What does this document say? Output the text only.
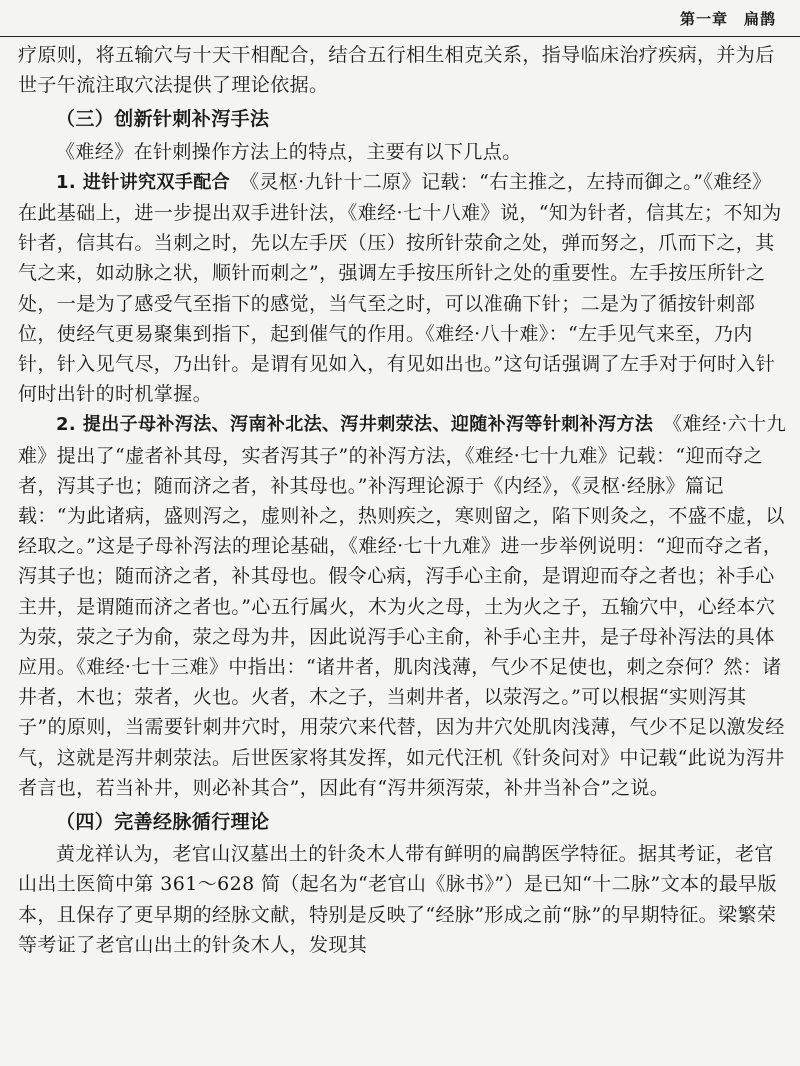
第一章　扁鹊

疗原则，将五输穴与十天干相配合，结合五行相生相克关系，指导临床治疗疾病，并为后世子午流注取穴法提供了理论依据。

（三）创新针刺补泻手法

《难经》在针刺操作方法上的特点，主要有以下几点。

1. 进针讲究双手配合　 《灵枢·九针十二原》记载：“右主推之，左持而御之。”《难经》在此基础上，进一步提出双手进针法，《难经·七十八难》说，“知为针者，信其左；不知为针者，信其右。当刺之时，先以左手厌（压）按所针荥俞之处，弹而努之，爪而下之，其气之来，如动脉之状，顺针而刺之”，强调左手按压所针之处的重要性。左手按压所针之处，一是为了感受气至指下的感觉，当气至之时，可以准确下针；二是为了循按针刺部位，使经气更易聚集到指下，起到催气的作用。《难经·八十难》：“左手见气来至，乃内针，针入见气尽，乃出针。是谓有见如入，有见如出也。”这句话强调了左手对于何时入针何时出针的时机掌握。

2. 提出子母补泻法、泻南补北法、泻井刺荥法、迎随补泻等针刺补泻方法　 《难经·六十九难》提出了“虚者补其母，实者泻其子”的补泻方法，《难经·七十九难》记载：“迎而夺之者，泻其子也；随而济之者，补其母也。”补泻理论源于《内经》，《灵枢·经脉》篇记载：“为此诸病，盛则泻之，虚则补之，热则疾之，寒则留之，陷下则灸之，不盛不虚，以经取之。”这是子母补泻法的理论基础，《难经·七十九难》进一步举例说明：“迎而夺之者，泻其子也；随而济之者，补其母也。假令心病，泻手心主俞，是谓迎而夺之者也；补手心主井，是谓随而济之者也。”心五行属火，木为火之母，土为火之子，五输穴中，心经本穴为荥，荥之子为俞，荥之母为井，因此说泻手心主俞，补手心主井，是子母补泻法的具体应用。《难经·七十三难》中指出：“诸井者，肌肉浅薄，气少不足使也，刺之奈何？然：诸井者，木也；荥者，火也。火者，木之子，当刺井者，以荥泻之。”可以根据“实则泻其子”的原则，当需要针刺井穴时，用荥穴来代替，因为井穴处肌肉浅薄，气少不足以激发经气，这就是泻井刺荥法。后世医家将其发挥，如元代汪机《针灸问对》中记载“此说为泻井者言也，若当补井，则必补其合”，因此有“泻井须泻荥，补井当补合”之说。

（四）完善经脉循行理论

黄龙祥认为，老官山汉墓出土的针灸木人带有鲜明的扁鹊医学特征。据其考证，老官山出土医简中第 361～628 简（起名为“老官山《脉书》”）是已知“十二脉”文本的最早版本，且保存了更早期的经脉文献，特别是反映了“经脉”形成之前“脉”的早期特征。梁繁荣等考证了老官山出土的针灸木人，发现其
